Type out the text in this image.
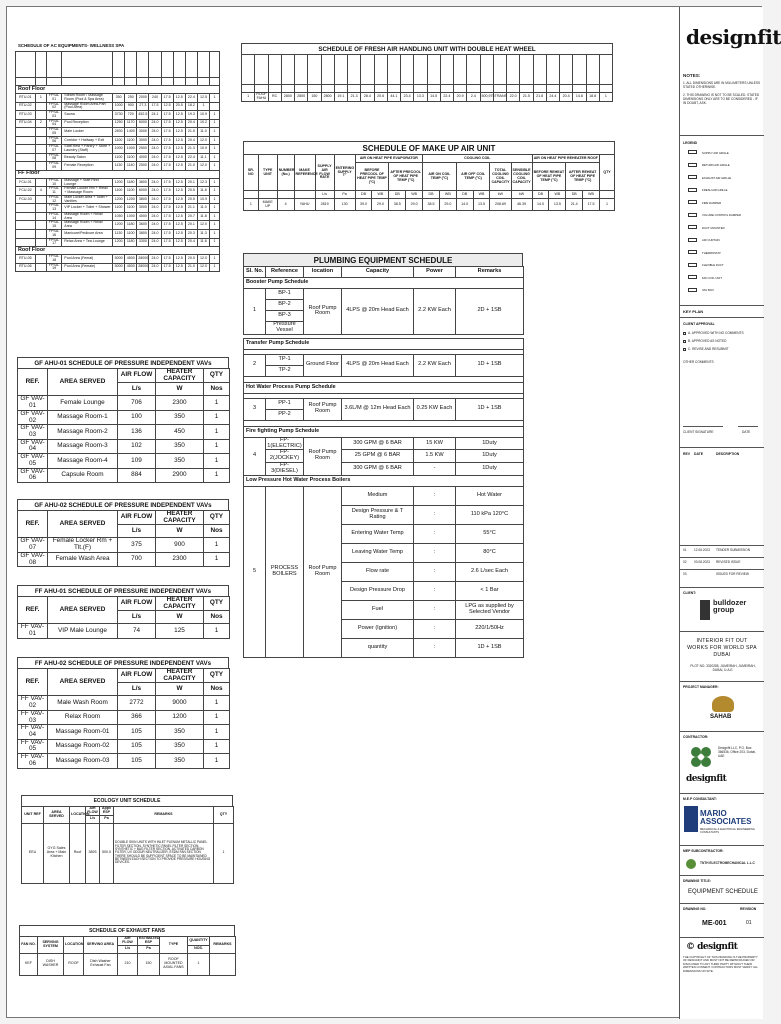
SCHEDULE OF AC EQUIPMENTS- WELLNESS SPA

Roof Floor												
RTU-01	1	FPSA-01	Steam Room / Massage Room (Pool & Spa Area)	350	250	2000	240	17.5	12.5	22.4	12.5	1
RTU-02		FPSA-02	Massage Room Area-Part (Pool Area)	1000	900	27.3	17.5	12.5	20.5	18.2	1	
RTU-03		FPSA-03	Sauna	3730	720	452.5	24.1	17.5	12.5	19.3	10.9	1
RTU-04	2	FPSA-04	Pool Reception	1250	1170	6000	24.0	17.5	12.5	20.4	10.2	1
		FPSA-05	Male Locker	2830	1400	3000	24.0	17.5	12.5	21.5	11.0	1
		FPSA-06	Corridor + Hallway + Exit	1100	1100	3000	24.0	17.5	12.5	20.4	12.0	1
		FPSA-07	Staff Rest + Pantry + Store + Laundry (Staff)	1000	1000	2500	24.0	17.5	12.5	21.3	10.9	1
		FPSA-08	Beauty Salon	1100	1100	4000	24.0	17.5	12.5	22.4	11.1	1
		FPSA-09	Female Reception	1130	1140	2500	24.0	17.5	12.5	21.0	12.0	1
FF Floor												
FCU-01		FPSA-10	Massage + Staff Rest Lounge	1200	1180	3800	24.0	17.5	12.5	20.1	12.3	1
FCU-02	4	FPSA-11	Female Locker Rm + Relax + Massage Room	1100	1100	6000	24.0	17.5	12.5	20.5	11.8	1
FCU-03		FPSA-12	Male Locker Area + Toilet + Vanities	1200	1200	3800	24.0	17.5	12.5	20.5	10.9	1
		FPSA-13	VIP Locker + Toilet + Shower	1100	1100	3000	24.0	17.5	12.5	21.1	11.0	1
		FPSA-14	Massage Room + Relax Area	1050	1000	4000	24.0	17.5	12.5	20.7	11.8	1
		FPSA-15	Massage Room + Relax Area	1200	1180	3600	24.0	17.5	12.5	20.1	12.0	1
		FPSA-16	Manicure/Pedicure Area	1130	1100	3800	24.0	17.5	12.5	20.3	11.3	1
		FPSA-17	Relax Area + Tea Lounge	1200	1180	3300	24.0	17.5	12.5	20.4	11.6	1
Roof Floor												
RTU-05		FPSA-18	Pool Area (Femal)	5000	4500	28000	24.0	17.5	12.5	20.5	12.0	1
RTU-06		FPSA-19	Pool Area (Female)	5000	4500	28000	24.0	17.5	12.5	21.0	12.0	1
SCHEDULE OF FRESH AIR HANDLING UNIT WITH DOUBLE HEAT WHEEL

1	ROOF FAHU	RC	2800	2800	150	2800	19.1	21.3	28.4	20.6	44.1	23.4	13.3	14.5	22.4	20.9	2.4	500,975	TRANS	22.0	21.5	21.8	24.4	20.4	14.8	18.8	1
SCHEDULE OF MAKE UP AIR UNIT
SR. NO	TYPE UNIT	NUMBER (No.)	MAKE REFERENCE	SUPPLY AIR FLOW RATE	ENTERING SUPPLY T°	AIR ON HEAT PIPE EVAPORATOR				COOLING COIL						AIR ON HEAT PIPE REHEATER ROOF				QTY
						BEFORE PRECOOL OF HEAT PIPE TEMP (°C)		AFTER PRECOOL OF HEAT PIPE TEMP (°C)		AIR ON COIL TEMP (°C)		AIR OFF COIL TEMP (°C)		TOTAL COOLING COIL CAPACITY	SENSIBLE COOLING COIL CAPACITY	BEFORE REHEAT OF HEAT PIPE TEMP (°C)		AFTER REHEAT OF HEAT PIPE TEMP (°C)		
				L/s	Pa	DB	WB	DB	WB	DB	WB	DB	WB	kW	kW	DB	WB	DB	WB	
1	MAKE UP	4	YAHU	2819	130	39.0	29.0	38.5	29.0	38.5	29.0	14.0	13.5	208.69	46.39	14.0	13.5	21.4	17.5	1
PLUMBING EQUIPMENT SCHEDULE
Sl. No.	Reference	location	Capacity	Power	Remarks
Booster Pump Schedule					
1	BP-1	Roof Pump Room	4LPS @ 20m Head Each	2.2 KW Each	2D + 1SB
	BP-2				
	BP-3				
	Pressure Vessel				

Transfer Pump Schedule					

2	TP-1	Ground Floor	4LPS @ 20m Head Each	2.2 KW Each	1D + 1SB
	TP-2				

Hot Water Process Pump Schedule					

3	PP-1	Roof Pump Room	3.6L/M @ 12m Head Each	0.25 KW Each	1D + 1SB
	PP-2				

Fire fighting Pump Schedule					
4	FP-1(ELECTRIC)	Roof Pump Room	300 GPM @ 6 BAR	15 KW	1Duty
	FP-2(JOCKEY)		25 GPM @ 6 BAR	1.5 KW	1Duty
	FP-3(DIESEL)		300 GPM @ 6 BAR	-	1Duty
Low Pressure Hot Water Process Boilers					
5	PROCESS BOILERS	Roof Pump Room	Medium	:	Hot Water
			Design Pressure & T Rating	:	110 kPa 120°C
			Entering Water Temp	:	55°C
			Leaving Water Temp	:	80°C
			Flow rate	:	2.6 L/sec Each
			Design Pressure Drop	:	< 1 Bar
			Fuel	:	LPG as supplied by Selected Vendor
			Power (Ignition)	:	220/1/50Hz
			quantity	:	1D + 1SB
GF AHU-01 SCHEDULE OF PRESSURE INDEPENDENT VAVs
REF.	AREA SERVED	AIR FLOW	HEATER CAPACITY	QTY
		L/s	W	Nos
GF VAV-01	Female Lounge	706	2300	1
GF VAV-02	Massage Room-1	100	350	1
GF VAV-03	Massage Room-2	136	450	1
GF VAV-04	Massage Room-3	102	350	1
GF VAV-05	Massage Room-4	109	350	1
GF VAV-06	Capsule Room	884	2900	1
GF AHU-02 SCHEDULE OF PRESSURE INDEPENDENT VAVs
REF.	AREA SERVED	AIR FLOW	HEATER CAPACITY	QTY
		L/s	W	Nos
GF VAV-07	Female Locker Rm + Tlt.(F)	375	900	1
GF VAV-08	Female Wash Area	700	2300	1
FF AHU-01 SCHEDULE OF PRESSURE INDEPENDENT VAVs
REF.	AREA SERVED	AIR FLOW	HEATER CAPACITY	QTY
		L/s	W	Nos
FF VAV-01	VIP Male Lounge	74	125	1
FF AHU-02 SCHEDULE OF PRESSURE INDEPENDENT VAVs
REF.	AREA SERVED	AIR FLOW	HEATER CAPACITY	QTY
		L/s	W	Nos
FF VAV-02	Male Wash Room	2772	9000	1
FF VAV-03	Relax Room	366	1200	1
FF VAV-04	Massage Room-01	105	350	1
FF VAV-05	Massage Room-02	105	350	1
FF VAV-06	Massage Room-03	105	350	1
ECOLOGY UNIT SCHEDULE
UNIT REF	AREA SERVED	LOCATION	AIR FLOW	Appx ESP	REMARKS	QTY
			L/s	Pa		
EEU	GYG Sales Area + Main Kitchen	Roof	3893	500.0	DOUBLE SKIN UNITS WITH INLET PLENUM METALLIC PANEL FILTER SECTION, SYNTHETIC PANEL FILTER SECTION, SYNTHETIC + BAG FILTER SECTION, ACTIVATED CARBON FILTER, UV ODOUR NEUTRALIZER, ESDM FAN SECTION THERE SHOULD BE SUFFICIENT SPACE TO BE MAINTAINED BETWEEN EACH SECTION TO PROVIDE PRESSURE HOUSING DEVICES.	1
SCHEDULE OF EXHAUST FANS
FAN NO.	SERVING SYSTEM	LOCATION	SERVING AREA	AIR FLOW	ESTIMATED ESP	TYPE	QUANTITY	REMARKS
				L/s	Pa		NOS.	
KEF	DISH WASHER	ROOF	Dish Washer Exhaust Fan	210	150	ROOF MOUNTED AXIAL FANS	1	
designfit
NOTES:
1. ALL DIMENSIONS ARE IN MILLIMETERS UNLESS STATED OTHERWISE.
2. THIS DRAWING IS NOT TO BE SCALED. STATED DIMENSIONS ONLY ARE TO BE CONSIDERED - IF IN DOUBT, ASK.
LEGEND
SUPPLY AIR GRILLE
RETURN AIR GRILLE
EXHAUST AIR GRILLE
FRESH AIR GRILLE
FIRE DAMPER
VOLUME CONTROL DAMPER
DUCT MOUNTED
AIR CURTAIN
THERMOSTAT
FLEXIBLE DUCT
FAN COIL UNIT
VAV BOX
KEY PLAN
CLIENT APPROVAL
A. APPROVED WITH NO COMMENTS
B. APPROVED AS NOTED
C. REVISE AND RESUBMIT
OTHER COMMENTS
CLIENT SIGNATURE	DATE
REV DATE	DESCRIPTION
01 12.06.2023 TENDER SUBMISSION
02 03.08.2023 REVISED ISSUE
03	ISSUED FOR REVIEW
CLIENT:
bulldozer group
INTERIOR FIT OUT WORKS FOR WORLD SPA DUBAI
PLOT NO. 3320285, JUMEIRAH, JUMEIRAH, DUBAI, U.A.E.
PROJECT MANAGER:
SAHAB
CONTRACTOR:
Designfit LLC, P.O. Box: 366536, Office 203, Dubai, UAE
designfit
M.E.P CONSULTANT:
MARIO ASSOCIATES
MECHANICAL & ELECTRICAL ENGINEERING CONSULTANTS
MEP SUBCONTRACTOR:
TNTH ELECTROMECHANICAL L.L.C
DRAWING TITLE:
EQUIPMENT SCHEDULE
DRAWING NO.	REVISION
ME-001	01
© designfit
THE COPYRIGHT OF THIS DRAWING IS THE PROPERTY OF DESIGNFIT AND MUST NOT BE REPRODUCED OR DISCLOSED TO ANY THIRD PARTY WITHOUT THEIR WRITTEN CONSENT. CONTRACTORS MUST VERIFY ALL DIMENSIONS ON SITE.
